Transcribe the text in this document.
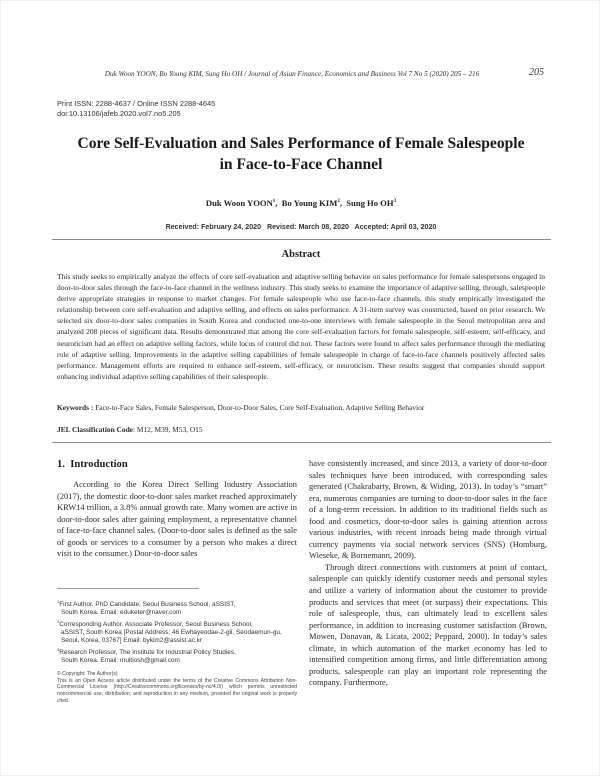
Duk Woon YOON, Bo Young KIM, Sung Ho OH / Journal of Asian Finance, Economics and Business Vol 7 No 5 (2020) 205 – 216	205
Print ISSN: 2288-4637 / Online ISSN 2288-4645
doi:10.13106/jafeb.2020.vol7.no5.205
Core Self-Evaluation and Sales Performance of Female Salespeople
in Face-to-Face Channel
Duk Woon YOON$^1$,  Bo Young KIM$^2$,  Sung Ho $OH^3$
Received: February 24, 2020   Revised: March 08, 2020   Accepted: April 03, 2020
Abstract
This study seeks to empirically analyze the effects of core self-evaluation and adaptive selling behavior on sales performance for female salespersons engaged in door-to-door sales through the face-to-face channel in the wellness industry. This study seeks to examine the importance of adaptive selling, through, salespeople derive appropriate strategies in response to market changes. For female salespeople who use face-to-face channels, this study empirically investigated the relationship between core self-evaluation and adaptive selling, and effects on sales performance. A 31-item survey was constructed, based on prior research. We selected six door-to-door sales companies in South Korea and conducted one-to-one interviews with female salespeople in the Seoul metropolitan area and analyzed 208 pieces of significant data. Results demonstrated that among the core self-evaluation factors for female salespeople, self-esteem, self-efficacy, and neuroticism had an effect on adaptive selling factors, while locus of control did not. These factors were found to affect sales performance through the mediating role of adaptive selling. Improvements in the adaptive selling capabilities of female salespeople in charge of face-to-face channels positively affected sales performance. Management efforts are required to enhance self-esteem, self-efficacy, or neuroticism. These results suggest that companies should support enhancing individual adaptive selling capabilities of their salespeople.
Keywords : Face-to-Face Sales, Female Salesperson, Door-to-Door Sales, Core Self-Evaluation, Adaptive Selling Behavior
JEL Classification Code: M12, M39, M53, O15
1.  Introduction

According to the Korea Direct Selling Industry Association (2017), the domestic door-to-door sales market reached approximately KRW14 trillion, a 3.8% annual growth rate. Many women are active in door-to-door sales after gaining employment, a representative channel of face-to-face channel sales. (Door-to-door sales is defined as the sale of goods or services to a consumer by a person who makes a direct visit to the consumer.) Door-to-door sales

$^1$First Author. PhD Candidate, Seoul Business School, aSSIST,
South Korea. Email: eduketer@naver.com
$^2$Corresponding Author. Associate Professor, Seoul Business School,
aSSIST, South Korea [Postal Address: 46 Ewhayeodae-2-gil, Seodaemun-gu, Seoul, Korea, 03767] Email: bykim2@assist.ac.kr
$^3$Research Professor, The Institute for Industrial Policy Studies,
South Korea. Email: multiosh@gmail.com
© Copyright: The Author(s)
This is an Open Access article distributed under the terms of the Creative Commons Attribution Non-Commercial License (http://Creativecommons.org/licenses/by-nc/4.0/) which permits unrestricted noncommercial use, distribution, and reproduction in any medium, provided the original work is properly cited.

have consistently increased, and since 2013, a variety of door-to-door sales techniques have been introduced, with corresponding sales generated (Chakrabarty, Brown, & Widing, 2013). In today’s “smart” era, numerous companies are turning to door-to-door sales in the face of a long-term recession. In addition to its traditional fields such as food and cosmetics, door-to-door sales is gaining attention across various industries, with recent inroads being made through virtual currency payments via social network services (SNS) (Homburg, Wieseke, & Bornemann, 2009).

Through direct connections with customers at point of contact, salespeople can quickly identify customer needs and personal styles and utilize a variety of information about the customer to provide products and services that meet (or surpass) their expectations. This role of salespeople, thus, can ultimately lead to excellent sales performance, in addition to increasing customer satisfaction (Brown, Mowen, Donavan, & Licata, 2002; Peppard, 2000). In today’s sales climate, in which automation of the market economy has led to intensified competition among firms, and little differentiation among products, salespeople can play an important role representing the company. Furthermore,
